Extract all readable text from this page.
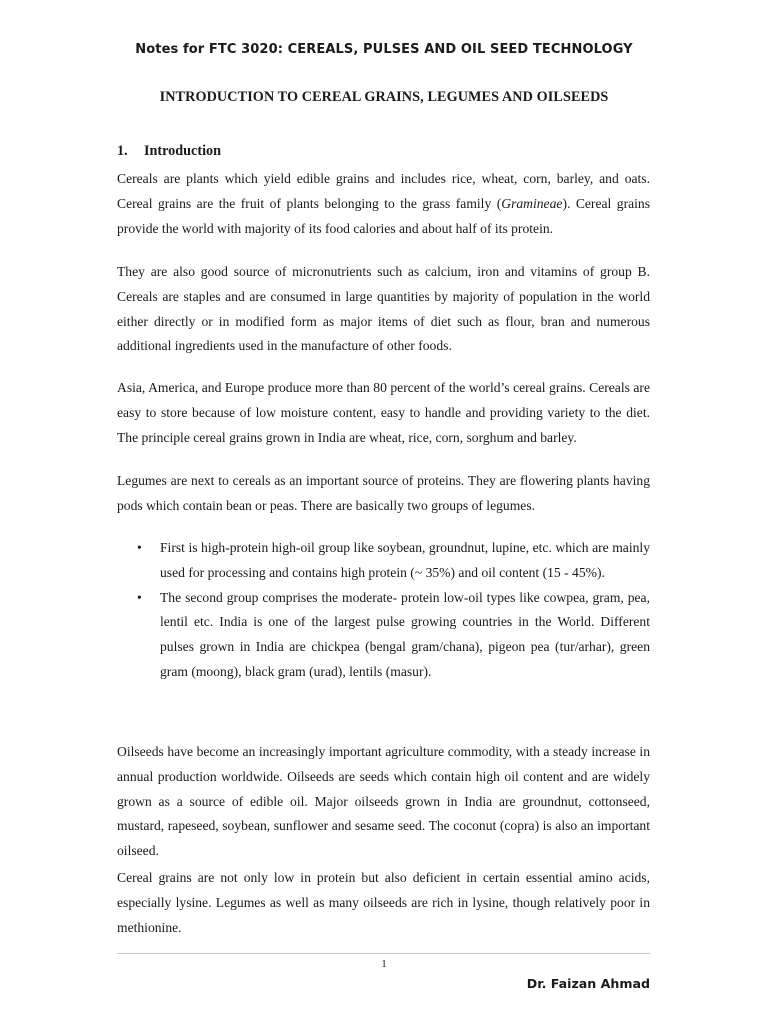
Notes for FTC 3020: CEREALS, PULSES AND OIL SEED TECHNOLOGY
INTRODUCTION TO CEREAL GRAINS, LEGUMES AND OILSEEDS
1. Introduction

Cereals are plants which yield edible grains and includes rice, wheat, corn, barley, and oats. Cereal grains are the fruit of plants belonging to the grass family (Gramineae). Cereal grains provide the world with majority of its food calories and about half of its protein.

They are also good source of micronutrients such as calcium, iron and vitamins of group B. Cereals are staples and are consumed in large quantities by majority of population in the world either directly or in modified form as major items of diet such as flour, bran and numerous additional ingredients used in the manufacture of other foods.

Asia, America, and Europe produce more than 80 percent of the world’s cereal grains. Cereals are easy to store because of low moisture content, easy to handle and providing variety to the diet. The principle cereal grains grown in India are wheat, rice, corn, sorghum and barley.

Legumes are next to cereals as an important source of proteins. They are flowering plants having pods which contain bean or peas. There are basically two groups of legumes.

• First is high-protein high-oil group like soybean, groundnut, lupine, etc. which are mainly used for processing and contains high protein (~ 35%) and oil content (15 - 45%).
• The second group comprises the moderate- protein low-oil types like cowpea, gram, pea, lentil etc. India is one of the largest pulse growing countries in the World. Different pulses grown in India are chickpea (bengal gram/chana), pigeon pea (tur/arhar), green gram (moong), black gram (urad), lentils (masur).

Oilseeds have become an increasingly important agriculture commodity, with a steady increase in annual production worldwide. Oilseeds are seeds which contain high oil content and are widely grown as a source of edible oil. Major oilseeds grown in India are groundnut, cottonseed, mustard, rapeseed, soybean, sunflower and sesame seed. The coconut (copra) is also an important oilseed.

Cereal grains are not only low in protein but also deficient in certain essential amino acids, especially lysine. Legumes as well as many oilseeds are rich in lysine, though relatively poor in methionine.

1
Dr. Faizan Ahmad
